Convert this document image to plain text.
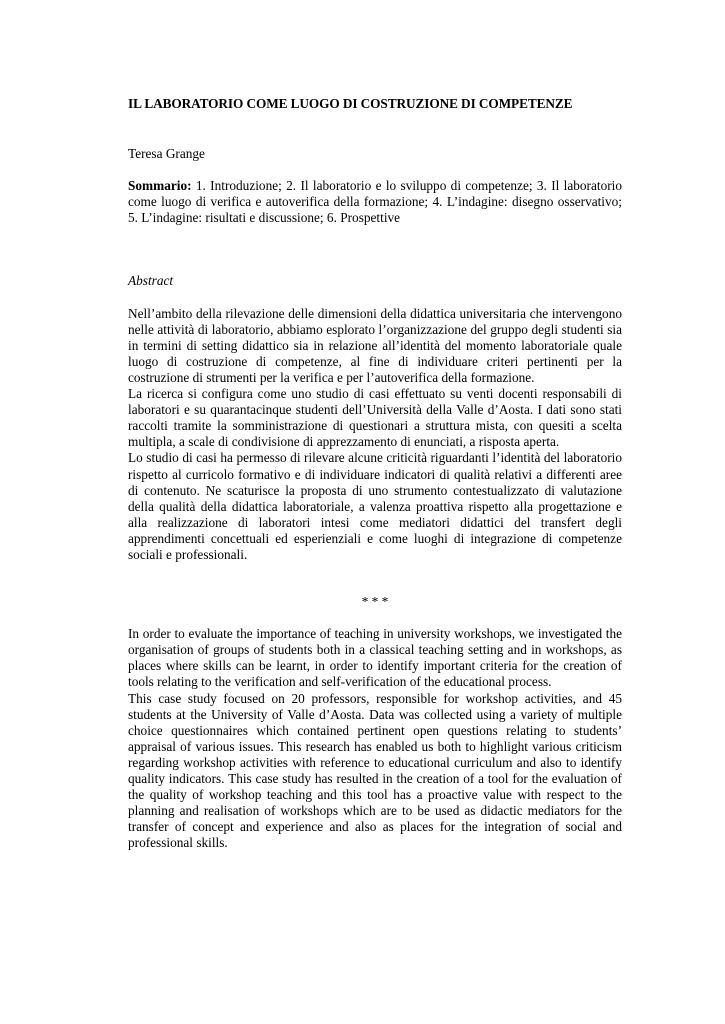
IL LABORATORIO COME LUOGO DI COSTRUZIONE DI COMPETENZE

Teresa Grange

Sommario: 1. Introduzione; 2. Il laboratorio e lo sviluppo di competenze; 3. Il laboratorio come luogo di verifica e autoverifica della formazione; 4. L’indagine: disegno osservativo; 5. L’indagine: risultati e discussione; 6. Prospettive

Abstract

Nell’ambito della rilevazione delle dimensioni della didattica universitaria che intervengono nelle attività di laboratorio, abbiamo esplorato l’organizzazione del gruppo degli studenti sia in termini di setting didattico sia in relazione all’identità del momento laboratoriale quale luogo di costruzione di competenze, al fine di individuare criteri pertinenti per la costruzione di strumenti per la verifica e per l’autoverifica della formazione.

La ricerca si configura come uno studio di casi effettuato su venti docenti responsabili di laboratori e su quarantacinque studenti dell’Università della Valle d’Aosta. I dati sono stati raccolti tramite la somministrazione di questionari a struttura mista, con quesiti a scelta multipla, a scale di condivisione di apprezzamento di enunciati, a risposta aperta.

Lo studio di casi ha permesso di rilevare alcune criticità riguardanti l’identità del laboratorio rispetto al curricolo formativo e di individuare indicatori di qualità relativi a differenti aree di contenuto. Ne scaturisce la proposta di uno strumento contestualizzato di valutazione della qualità della didattica laboratoriale, a valenza proattiva rispetto alla progettazione e alla realizzazione di laboratori intesi come mediatori didattici del transfert degli apprendimenti concettuali ed esperienziali e come luoghi di integrazione di competenze sociali e professionali.

* * *

In order to evaluate the importance of teaching in university workshops, we investigated the organisation of groups of students both in a classical teaching setting and in workshops, as places where skills can be learnt, in order to identify important criteria for the creation of tools relating to the verification and self-verification of the educational process.

This case study focused on 20 professors, responsible for workshop activities, and 45 students at the University of Valle d’Aosta. Data was collected using a variety of multiple choice questionnaires which contained pertinent open questions relating to students’ appraisal of various issues. This research has enabled us both to highlight various criticism regarding workshop activities with reference to educational curriculum and also to identify quality indicators. This case study has resulted in the creation of a tool for the evaluation of the quality of workshop teaching and this tool has a proactive value with respect to the planning and realisation of workshops which are to be used as didactic mediators for the transfer of concept and experience and also as places for the integration of social and professional skills.
